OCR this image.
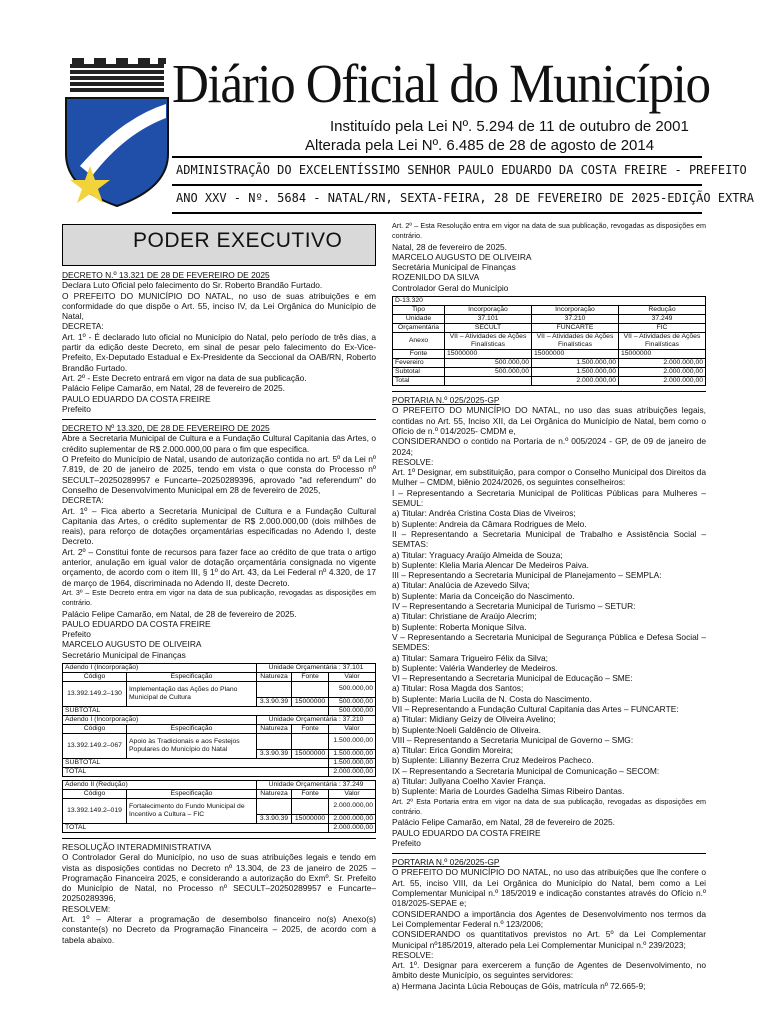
Diário Oficial do Município
Instituído pela Lei Nº. 5.294 de 11 de outubro de 2001
Alterada pela Lei Nº. 6.485 de 28 de agosto de 2014
ADMINISTRAÇÃO DO EXCELENTÍSSIMO SENHOR PAULO EDUARDO DA COSTA FREIRE - PREFEITO
ANO XXV - Nº. 5684 - NATAL/RN, SEXTA-FEIRA, 28 DE FEVEREIRO DE 2025-EDIÇÃO EXTRA
PODER EXECUTIVO
DECRETO N.º 13.321 DE 28 DE FEVEREIRO DE 2025

Declara Luto Oficial pelo falecimento do Sr. Roberto Brandão Furtado.

O PREFEITO DO MUNICÍPIO DO NATAL, no uso de suas atribuições e em conformidade do que dispõe o Art. 55, inciso IV, da Lei Orgânica do Município de Natal,

DECRETA:

Art. 1º - É declarado luto oficial no Município do Natal, pelo período de três dias, a partir da edição deste Decreto, em sinal de pesar pelo falecimento do Ex-Vice-Prefeito, Ex-Deputado Estadual e Ex-Presidente da Seccional da OAB/RN, Roberto Brandão Furtado.

Art. 2º - Este Decreto entrará em vigor na data de sua publicação.

Palácio Felipe Camarão, em Natal, 28 de fevereiro de 2025.

PAULO EDUARDO DA COSTA FREIRE

Prefeito

DECRETO Nº 13.320, DE 28 DE FEVEREIRO DE 2025

Abre a Secretaria Municipal de Cultura e a Fundação Cultural Capitania das Artes, o crédito suplementar de R$ 2.000.000,00 para o fim que especifica.

O Prefeito do Município de Natal, usando de autorização contida no art. 5º da Lei nº 7.819, de 20 de janeiro de 2025, tendo em vista o que consta do Processo nº SECULT–20250289957 e Funcarte–20250289396, aprovado "ad referendum" do Conselho de Desenvolvimento Municipal em 28 de fevereiro de 2025,

DECRETA:

Art. 1º – Fica aberto a Secretaria Municipal de Cultura e a Fundação Cultural Capitania das Artes, o crédito suplementar de R$ 2.000.000,00 (dois milhões de reais), para reforço de dotações orçamentárias especificadas no Adendo I, deste Decreto.

Art. 2º – Constitui fonte de recursos para fazer face ao crédito de que trata o artigo anterior, anulação em igual valor de dotação orçamentária consignada no vigente orçamento, de acordo com o item III, § 1º do Art. 43, da Lei Federal nº 4.320, de 17 de março de 1964, discriminada no Adendo II, deste Decreto.

Art. 3º – Este Decreto entra em vigor na data de sua publicação, revogadas as disposições em contrário.

Palácio Felipe Camarão, em Natal, de 28 de fevereiro de 2025.

PAULO EDUARDO DA COSTA FREIRE

Prefeito

MARCELO AUGUSTO DE OLIVEIRA

Secretário Municipal de Finanças

Adendo I (Incorporação)		Unidade Orçamentária : 37.101		
Código	Especificação	Natureza	Fonte	Valor
13.392.149.2–130	Implementação das Ações do Plano Municipal de Cultura			500.000,00
		3.3.90.39	15000000	500.000,00
SUBTOTAL				500.000,00
Adendo I (Incorporação)		Unidade Orçamentária : 37.210		
Código	Especificação	Natureza	Fonte	Valor
13.392.149.2–067	Apoio às Tradicionais e aos Festejos Populares do Município do Natal			1.500.000,00
		3.3.90.39	15000000	1.500.000,00
SUBTOTAL				1.500.000,00
TOTAL				2.000.000,00
Adendo II (Redução)		Unidade Orçamentária : 37.249		
Código	Especificação	Natureza	Fonte	Valor
13.392.149.2–019	Fortalecimento do Fundo Municipal de Incentivo a Cultura – FIC			2.000.000,00
		3.3.90.39	15000000	2.000.000,00
TOTAL				2.000.000,00
RESOLUÇÃO INTERADMINISTRATIVA

O Controlador Geral do Município, no uso de suas atribuições legais e tendo em vista as disposições contidas no Decreto nº 13.304, de 23 de janeiro de 2025 – Programação Financeira 2025, e considerando a autorização do Exmº. Sr. Prefeito do Município de Natal, no Processo nº SECULT–20250289957 e Funcarte–20250289396,

RESOLVEM:

Art. 1º – Alterar a programação de desembolso financeiro no(s) Anexo(s) constante(s) no Decreto da Programação Financeira – 2025, de acordo com a tabela abaixo.

Art. 2º – Esta Resolução entra em vigor na data de sua publicação, revogadas as disposições em contrário.

Natal, 28 de fevereiro de 2025.

MARCELO AUGUSTO DE OLIVEIRA

Secretária Municipal de Finanças

ROZENILDO DA SILVA

Controlador Geral do Município

D-13.320			
Tipo	Incorporação	Incorporação	Redução
Unidade	37.101	37.210	37.249
Orçamentária	SECULT	FUNCARTE	FIC
Anexo	VII – Atividades de Ações Finalísticas	VII – Atividades de Ações Finalísticas	VII – Atividades de Ações Finalísticas
Fonte	15000000	15000000	15000000
Fevereiro	500.000,00	1.500.000,00	2.000.000,00
Subtotal	500.000,00	1.500.000,00	2.000.000,00
Total		2.000.000,00	2.000.000,00
PORTARIA N.º 025/2025-GP

O PREFEITO DO MUNICÍPIO DO NATAL, no uso das suas atribuições legais, contidas no Art. 55, Inciso XII, da Lei Orgânica do Município de Natal, bem como o Ofício de n.º 014/2025- CMDM e,

CONSIDERANDO o contido na Portaria de n.º 005/2024 - GP, de 09 de janeiro de 2024;

RESOLVE:

Art. 1º Designar, em substituição, para compor o Conselho Municipal dos Direitos da Mulher – CMDM, biênio 2024/2026, os seguintes conselheiros:

I – Representando a Secretaria Municipal de Políticas Públicas para Mulheres – SEMUL:

a) Titular: Andréa Cristina Costa Dias de Viveiros;

b) Suplente: Andreia da Câmara Rodrigues de Melo.

II – Representando a Secretaria Municipal de Trabalho e Assistência Social – SEMTAS:

a) Titular: Yraguacy Araújo Almeida de Souza;

b) Suplente: Klelia Maria Alencar De Medeiros Paiva.

III – Representando a Secretaria Municipal de Planejamento – SEMPLA:

a) Titular: Analúcia de Azevedo Silva;

b) Suplente: Maria da Conceição do Nascimento.

IV – Representando a Secretaria Municipal de Turismo – SETUR:

a) Titular: Christiane de Araújo Alecrim;

b) Suplente: Roberta Monique Silva.

V – Representando a Secretaria Municipal de Segurança Pública e Defesa Social – SEMDES:

a) Titular: Samara Trigueiro Félix da Silva;

b) Suplente: Valéria Wanderley de Medeiros.

VI – Representando a Secretaria Municipal de Educação – SME:

a) Titular: Rosa Magda dos Santos;

b) Suplente: Maria Lucila de N. Costa do Nascimento.

VII – Representando a Fundação Cultural Capitania das Artes – FUNCARTE:

a) Titular: Midiany Geizy de Oliveira Avelino;

b) Suplente:Noeli Galdêncio de Oliveira.

VIII – Representando a Secretaria Municipal de Governo – SMG:

a) Titular: Erica Gondim Moreira;

b) Suplente: Lilianny Bezerra Cruz Medeiros Pacheco.

IX – Representando a Secretaria Municipal de Comunicação – SECOM:

a) Titular: Jullyana Coelho Xavier França.

b) Suplente: Maria de Lourdes Gadelha Simas Ribeiro Dantas.

Art. 2º Esta Portaria entra em vigor na data de sua publicação, revogadas as disposições em contrário.

Palácio Felipe Camarão, em Natal, 28 de fevereiro de 2025.

PAULO EDUARDO DA COSTA FREIRE

Prefeito

PORTARIA N.º 026/2025-GP

O PREFEITO DO MUNICÍPIO DO NATAL, no uso das atribuições que lhe confere o Art. 55, inciso VIII, da Lei Orgânica do Município do Natal, bem como a Lei Complementar Municipal n.º 185/2019 e indicação constantes através do Ofício n.º 018/2025-SEPAE e;

CONSIDERANDO a importância dos Agentes de Desenvolvimento nos termos da Lei Complementar Federal n.º 123/2006;

CONSIDERANDO os quantitativos previstos no Art. 5º da Lei Complementar Municipal nº185/2019, alterado pela Lei Complementar Municipal n.º 239/2023;

RESOLVE:

Art. 1º. Designar para exercerem a função de Agentes de Desenvolvimento, no âmbito deste Município, os seguintes servidores:

a) Hermana Jacinta Lúcia Rebouças de Góis, matrícula nº 72.665-9;
